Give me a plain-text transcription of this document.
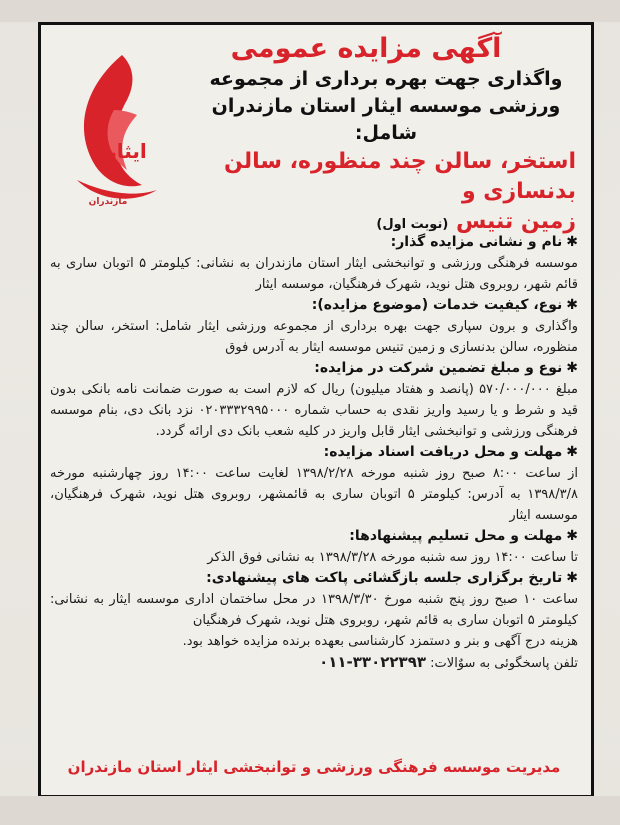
ایثار
مازندران
آگهی مزایده عمومی
واگذاری جهت بهره برداری از مجموعه
ورزشی موسسه ایثار استان مازندران شامل:
استخر، سالن چند منظوره، سالن بدنسازی و
زمین تنیس (نوبت اول)
✱نام و نشانی مزایده گذار:
موسسه فرهنگی ورزشی و توانبخشی ایثار استان مازندران به نشانی: کیلومتر ۵ اتوبان ساری به قائم شهر، روبروی هتل نوید، شهرک فرهنگیان، موسسه ایثار
✱نوع، کیفیت خدمات (موضوع مزایده):
واگذاری و برون سپاری جهت بهره برداری از مجموعه ورزشی ایثار شامل: استخر، سالن چند منظوره، سالن بدنسازی و زمین تنیس موسسه ایثار به آدرس فوق
✱نوع و مبلغ تضمین شرکت در مزایده:
مبلغ ۵۷۰/۰۰۰/۰۰۰ (پانصد و هفتاد میلیون) ریال که لازم است به صورت ضمانت نامه بانکی بدون قید و شرط و یا رسید واریز نقدی به حساب شماره ۰۲۰۳۳۳۲۹۹۵۰۰۰ نزد بانک دی، بنام موسسه فرهنگی ورزشی و توانبخشی ایثار قابل واریز در کلیه شعب بانک دی ارائه گردد.
✱مهلت و محل دریافت اسناد مزایده:
از ساعت ۸:۰۰ صبح روز شنبه مورخه ۱۳۹۸/۲/۲۸ لغایت ساعت ۱۴:۰۰ روز چهارشنبه مورخه ۱۳۹۸/۳/۸ به آدرس: کیلومتر ۵ اتوبان ساری به قائمشهر، روبروی هتل نوید، شهرک فرهنگیان، موسسه ایثار
✱مهلت و محل تسلیم پیشنهادها:
تا ساعت ۱۴:۰۰ روز سه شنبه مورخه ۱۳۹۸/۳/۲۸ به نشانی فوق الذکر
✱تاریخ برگزاری جلسه بازگشائی پاکت های پیشنهادی:
ساعت ۱۰ صبح روز پنج شنبه مورخ ۱۳۹۸/۳/۳۰ در محل ساختمان اداری موسسه ایثار به نشانی: کیلومتر ۵ اتوبان ساری به قائم شهر، روبروی هتل نوید، شهرک فرهنگیان
هزینه درج آگهی و بنر و دستمزد کارشناسی بعهده برنده مزایده خواهد بود.
تلفن پاسخگوئی به سوٌالات: ۰۱۱-۳۳۰۲۲۳۹۳
مدیریت موسسه فرهنگی ورزشی و توانبخشی ایثار استان مازندران
